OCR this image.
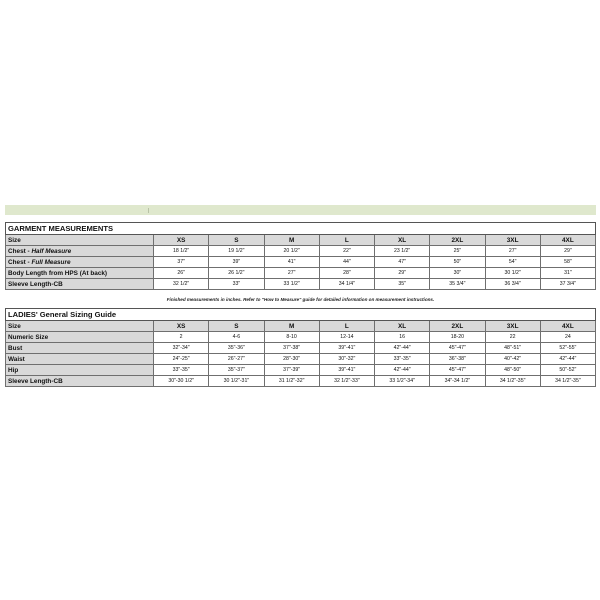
GARMENT MEASUREMENTS								
Size	XS	S	M	L	XL	2XL	3XL	4XL
Chest - Half Measure	18 1/2"	19 1/2"	20 1/2"	22"	23 1/2"	25"	27"	29"
Chest - Full Measure	37"	39"	41"	44"	47"	50"	54"	58"
Body Length from HPS (At back)	26"	26 1/2"	27"	28"	29"	30"	30 1/2"	31"
Sleeve Length-CB	32 1/2"	33"	33 1/2"	34 1/4"	35"	35 3/4"	36 3/4"	37 3/4"
Finished measurements in inches. Refer to "How to Measure" guide for detailed information on measurement instructions.
LADIES' General Sizing Guide								
Size	XS	S	M	L	XL	2XL	3XL	4XL
Numeric Size	2	4-6	8-10	12-14	16	18-20	22	24
Bust	32"-34"	35"-36"	37"-38"	39"-41"	42"-44"	45"-47"	48"-51"	52"-55"
Waist	24"-25"	26"-27"	28"-30"	30"-32"	33"-35"	36"-38"	40"-42"	42"-44"
Hip	33"-35"	35"-37"	37"-39"	39"-41"	42"-44"	45"-47"	48"-50"	50"-52"
Sleeve Length-CB	30"-30 1/2"	30 1/2"-31"	31 1/2"-32"	32 1/2"-33"	33 1/2"-34"	34"-34 1/2"	34 1/2"-35"	34 1/2"-35"
